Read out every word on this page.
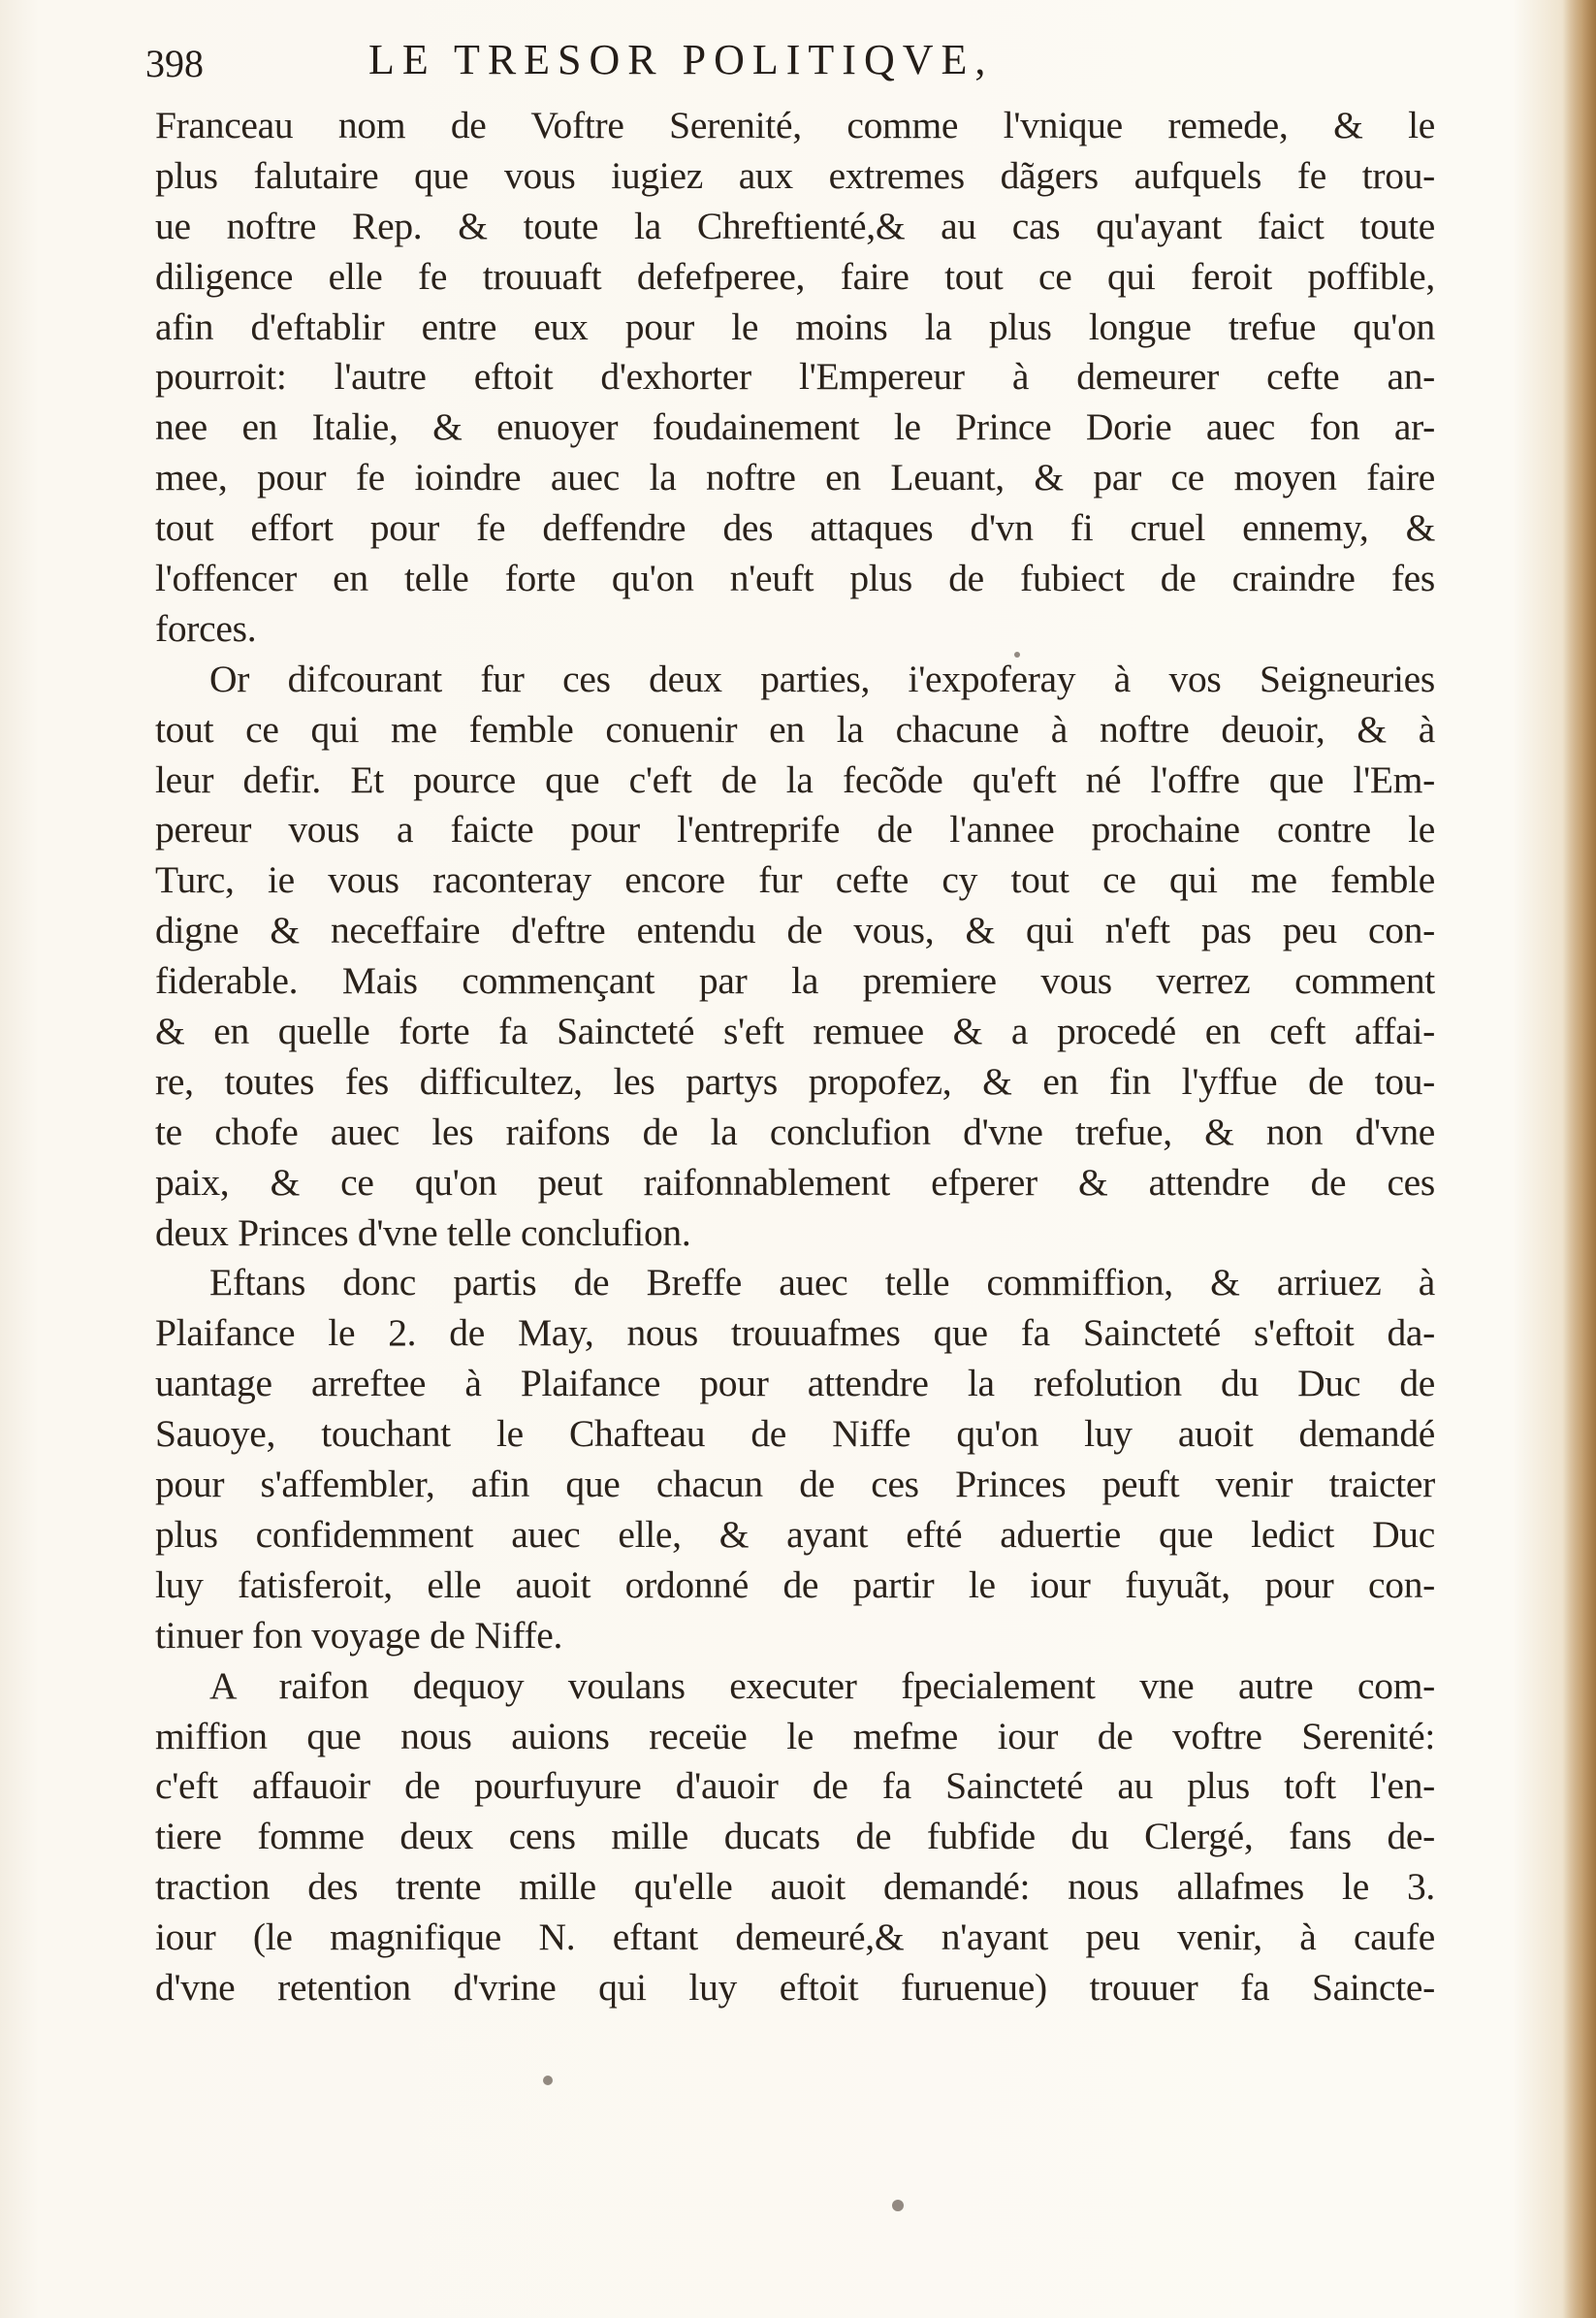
398	LE TRESOR POLITIQVE,
Franceau nom de Voftre Serenité, comme l'vnique remede, & le
plus falutaire que vous iugiez aux extremes dãgers aufquels fe trou-
ue noftre Rep. & toute la Chreftienté,& au cas qu'ayant faict toute
diligence elle fe trouuaft defefperee, faire tout ce qui feroit poffible,
afin d'eftablir entre eux pour le moins la plus longue trefue qu'on
pourroit: l'autre eftoit d'exhorter l'Empereur à demeurer cefte an-
nee en Italie, & enuoyer foudainement le Prince Dorie auec fon ar-
mee, pour fe ioindre auec la noftre en Leuant, & par ce moyen faire
tout effort pour fe deffendre des attaques d'vn fi cruel ennemy, &
l'offencer en telle forte qu'on n'euft plus de fubiect de craindre fes
forces.
Or difcourant fur ces deux parties, i'expoferay à vos Seigneuries
tout ce qui me femble conuenir en la chacune à noftre deuoir, & à
leur defir. Et pource que c'eft de la fecõde qu'eft né l'offre que l'Em-
pereur vous a faicte pour l'entreprife de l'annee prochaine contre le
Turc, ie vous raconteray encore fur cefte cy tout ce qui me femble
digne & neceffaire d'eftre entendu de vous, & qui n'eft pas peu con-
fiderable. Mais commençant par la premiere vous verrez comment
& en quelle forte fa Saincteté s'eft remuee & a procedé en ceft affai-
re, toutes fes difficultez, les partys propofez, & en fin l'yffue de tou-
te chofe auec les raifons de la conclufion d'vne trefue, & non d'vne
paix, & ce qu'on peut raifonnablement efperer & attendre de ces
deux Princes d'vne telle conclufion.
Eftans donc partis de Breffe auec telle commiffion, & arriuez à
Plaifance le 2. de May, nous trouuafmes que fa Saincteté s'eftoit da-
uantage arreftee à Plaifance pour attendre la refolution du Duc de
Sauoye, touchant le Chafteau de Niffe qu'on luy auoit demandé
pour s'affembler, afin que chacun de ces Princes peuft venir traicter
plus confidemment auec elle, & ayant efté aduertie que ledict Duc
luy fatisferoit, elle auoit ordonné de partir le iour fuyuãt, pour con-
tinuer fon voyage de Niffe.
A raifon dequoy voulans executer fpecialement vne autre com-
miffion que nous auions receüe le mefme iour de voftre Serenité:
c'eft affauoir de pourfuyure d'auoir de fa Saincteté au plus toft l'en-
tiere fomme deux cens mille ducats de fubfide du Clergé, fans de-
traction des trente mille qu'elle auoit demandé: nous allafmes le 3.
iour (le magnifique N. eftant demeuré,& n'ayant peu venir, à caufe
d'vne retention d'vrine qui luy eftoit furuenue) trouuer fa Saincte-
